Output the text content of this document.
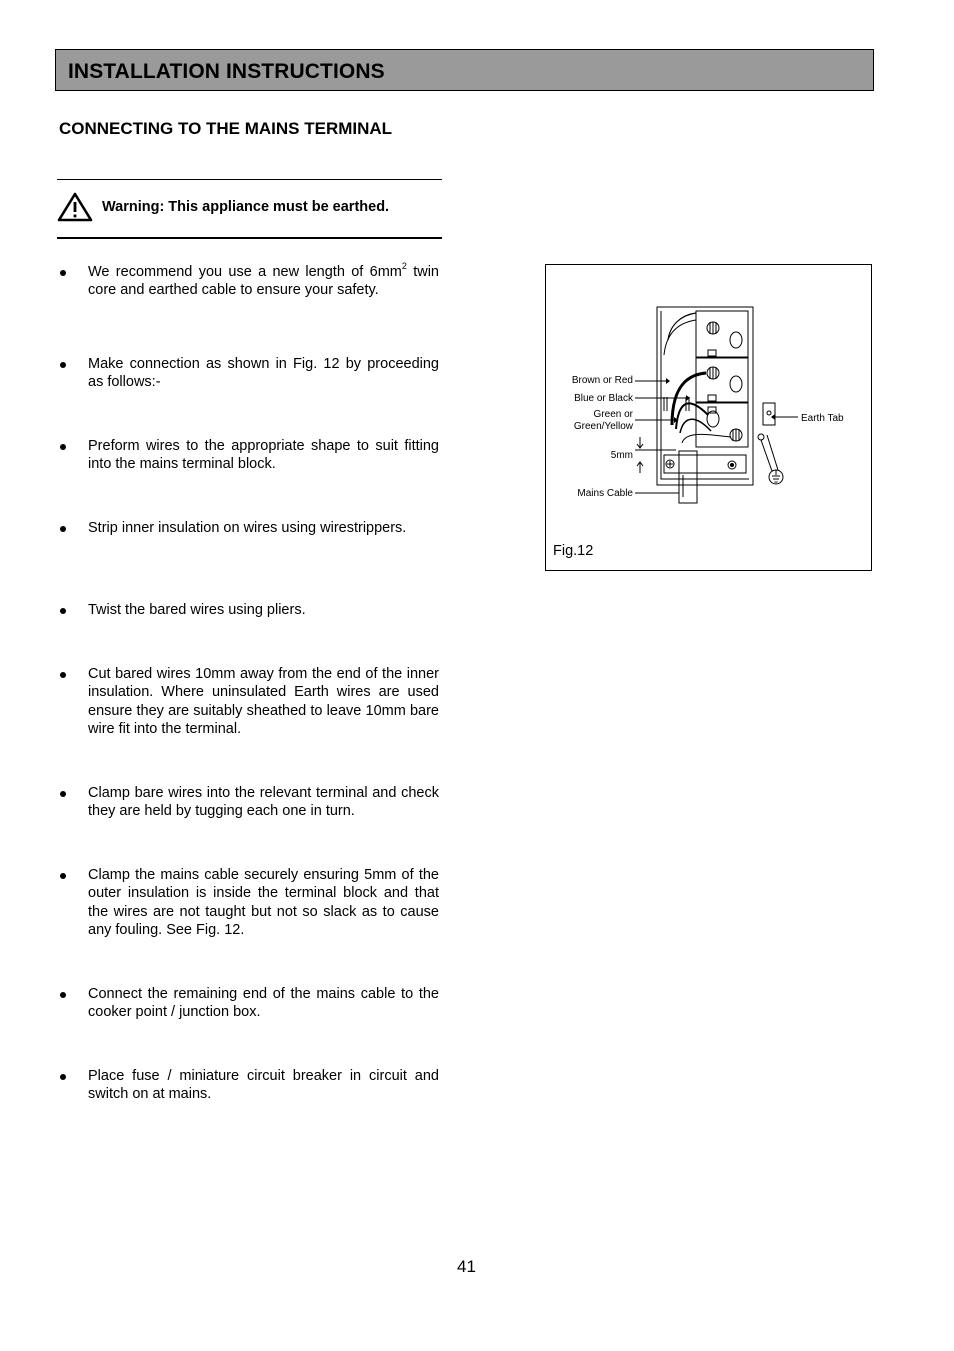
INSTALLATION INSTRUCTIONS
CONNECTING TO THE MAINS TERMINAL
Warning: This appliance must be earthed.
We recommend you use a new length of $6mm^2$ twin core and earthed cable to ensure your safety.
Make connection as shown in Fig. 12 by proceeding as follows:-
Preform wires to the appropriate shape to suit fitting into the mains terminal block.
Strip inner insulation on wires using wirestrippers.
Twist the bared wires using pliers.
Cut bared wires 10mm away from the end of the inner insulation. Where uninsulated Earth wires are used ensure they are suitably sheathed to leave 10mm bare wire fit into the terminal.
Clamp bare wires into the relevant terminal and check they are held by tugging each one in turn.
Clamp the mains cable securely ensuring 5mm of the outer insulation is inside the terminal block and that the wires are not taught but not so slack as to cause any fouling. See Fig. 12.
Connect the remaining end of the mains cable to the cooker point / junction box.
Place fuse / miniature circuit breaker in circuit and switch on at mains.
Brown or Red
Blue or Black
Green or
Green/Yellow
5mm
Mains Cable
Earth Tab
Fig.12
41
